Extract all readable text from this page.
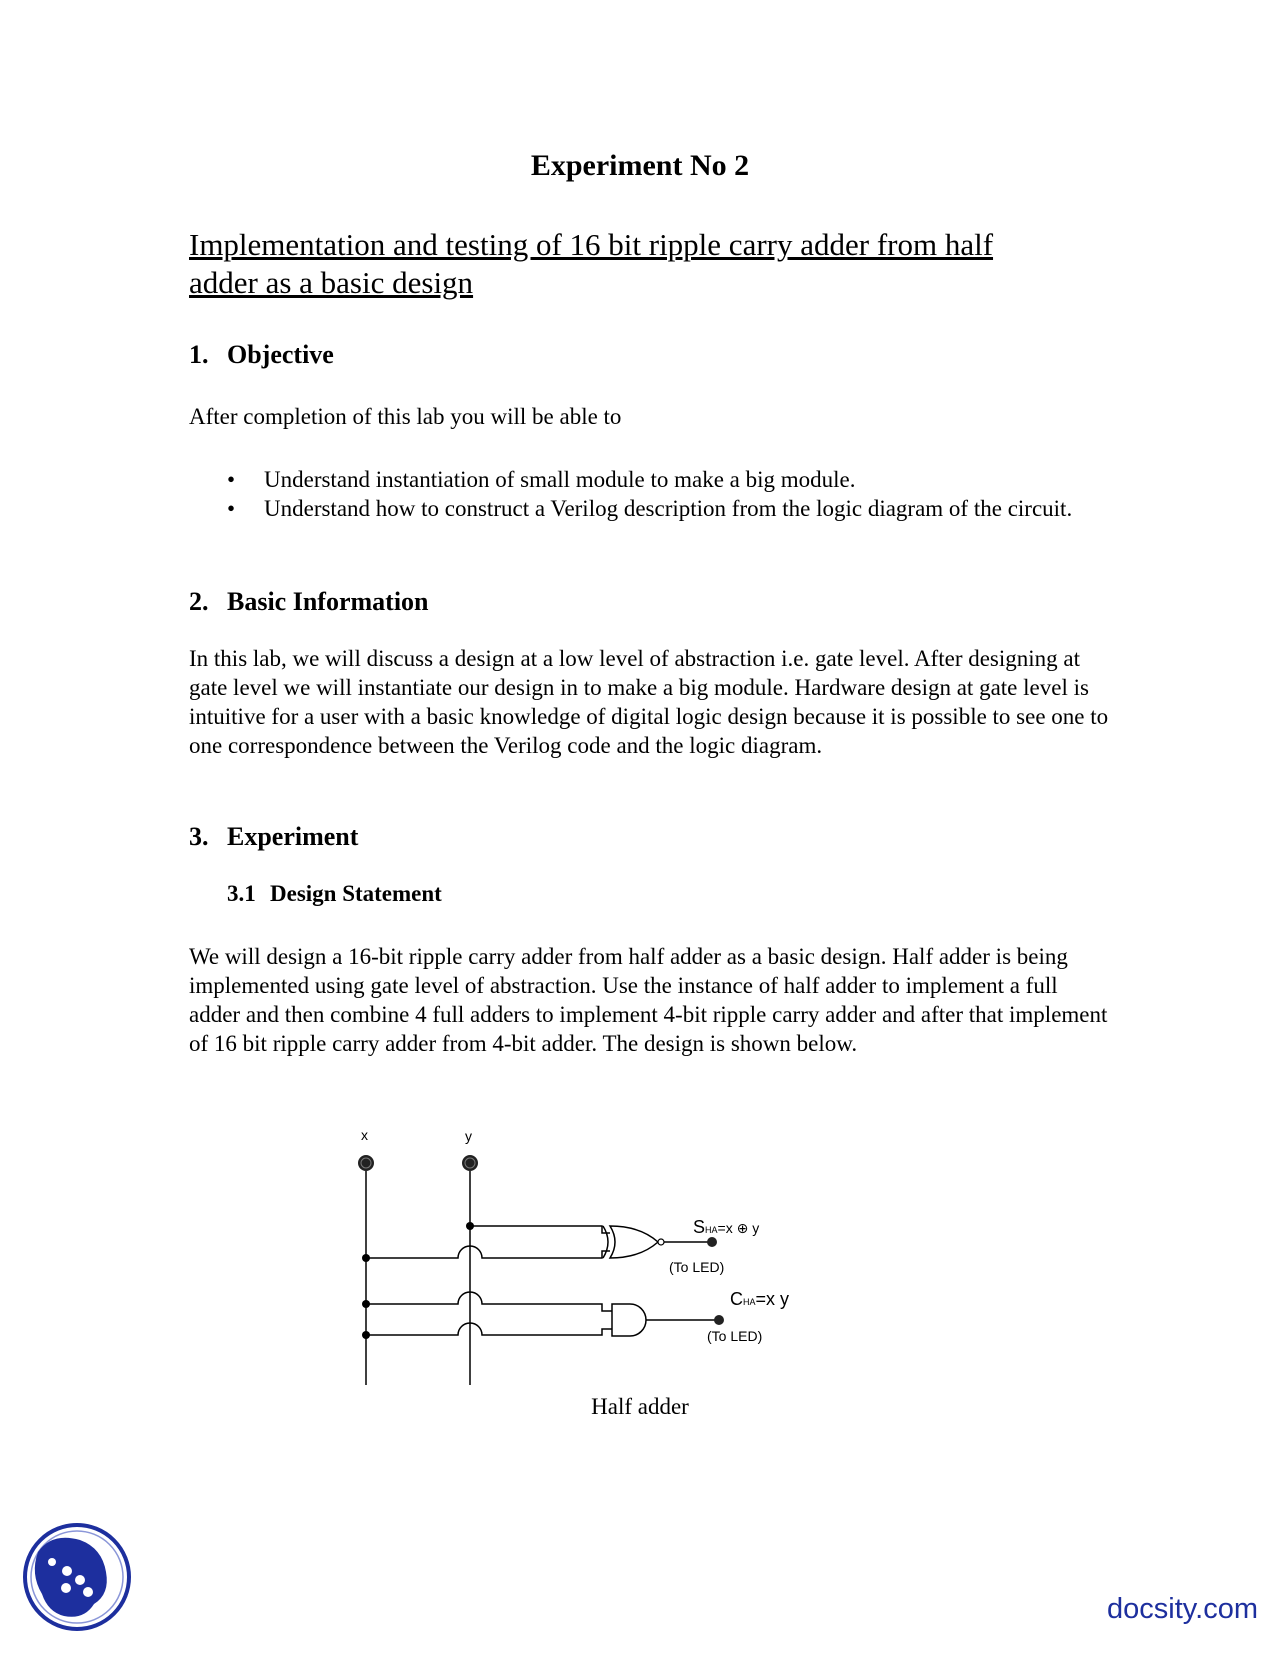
Experiment No 2
Implementation and testing of 16 bit ripple carry adder from half adder as a basic design
1. Objective

After completion of this lab you will be able to

• Understand instantiation of small module to make a big module.
• Understand how to construct a Verilog description from the logic diagram of the circuit.
2. Basic Information

In this lab, we will discuss a design at a low level of abstraction i.e. gate level. After designing at gate level we will instantiate our design in to make a big module. Hardware design at gate level is intuitive for a user with a basic knowledge of digital logic design because it is possible to see one to one correspondence between the Verilog code and the logic diagram.

3. Experiment
3.1 Design Statement

We will design a 16-bit ripple carry adder from half adder as a basic design. Half adder is being implemented using gate level of abstraction. Use the instance of half adder to implement a full adder and then combine 4 full adders to implement 4-bit ripple carry adder and after that implement of 16 bit ripple carry adder from 4-bit adder. The design is shown below.

x	y
SHA=x ⊕ y
(To LED)
CHA=x y
(To LED)
Half adder
docsity.com
